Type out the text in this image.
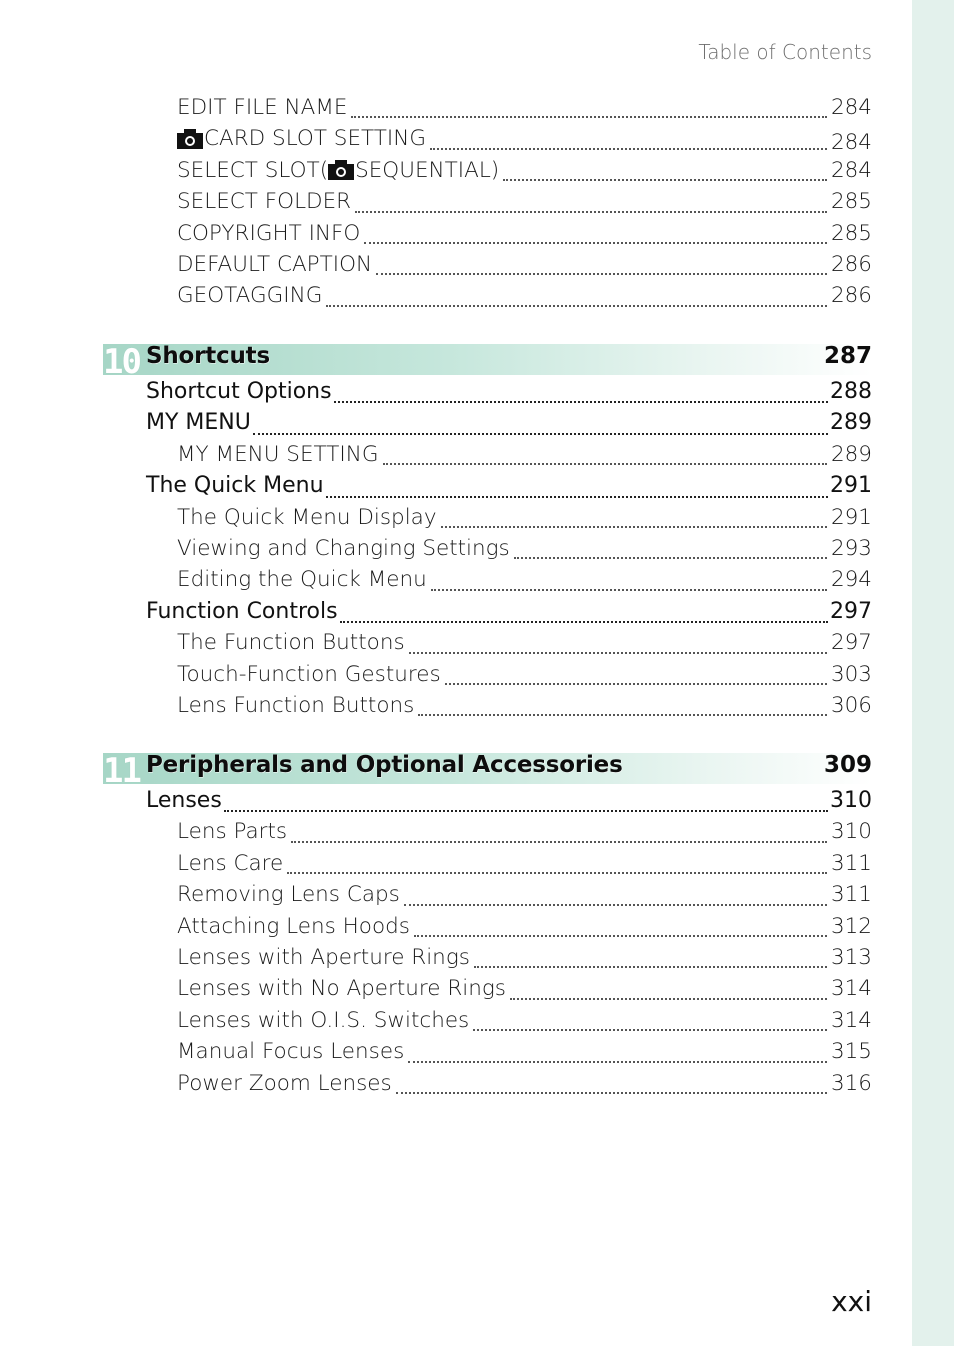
Table of Contents
EDIT FILE NAME	284
CARD SLOT SETTING	284
SELECT SLOT( SEQUENTIAL)	284
SELECT FOLDER	285
COPYRIGHT INFO	285
DEFAULT CAPTION	286
GEOTAGGING	286
10 Shortcuts	287
Shortcut Options	288
MY MENU	289
MY MENU SETTING	289
The Quick Menu	291
The Quick Menu Display	291
Viewing and Changing Settings	293
Editing the Quick Menu	294
Function Controls	297
The Function Buttons	297
Touch-Function Gestures	303
Lens Function Buttons	306
11 Peripherals and Optional Accessories	309
Lenses	310
Lens Parts	310
Lens Care	311
Removing Lens Caps	311
Attaching Lens Hoods	312
Lenses with Aperture Rings	313
Lenses with No Aperture Rings	314
Lenses with O.I.S. Switches	314
Manual Focus Lenses	315
Power Zoom Lenses	316
xxi
